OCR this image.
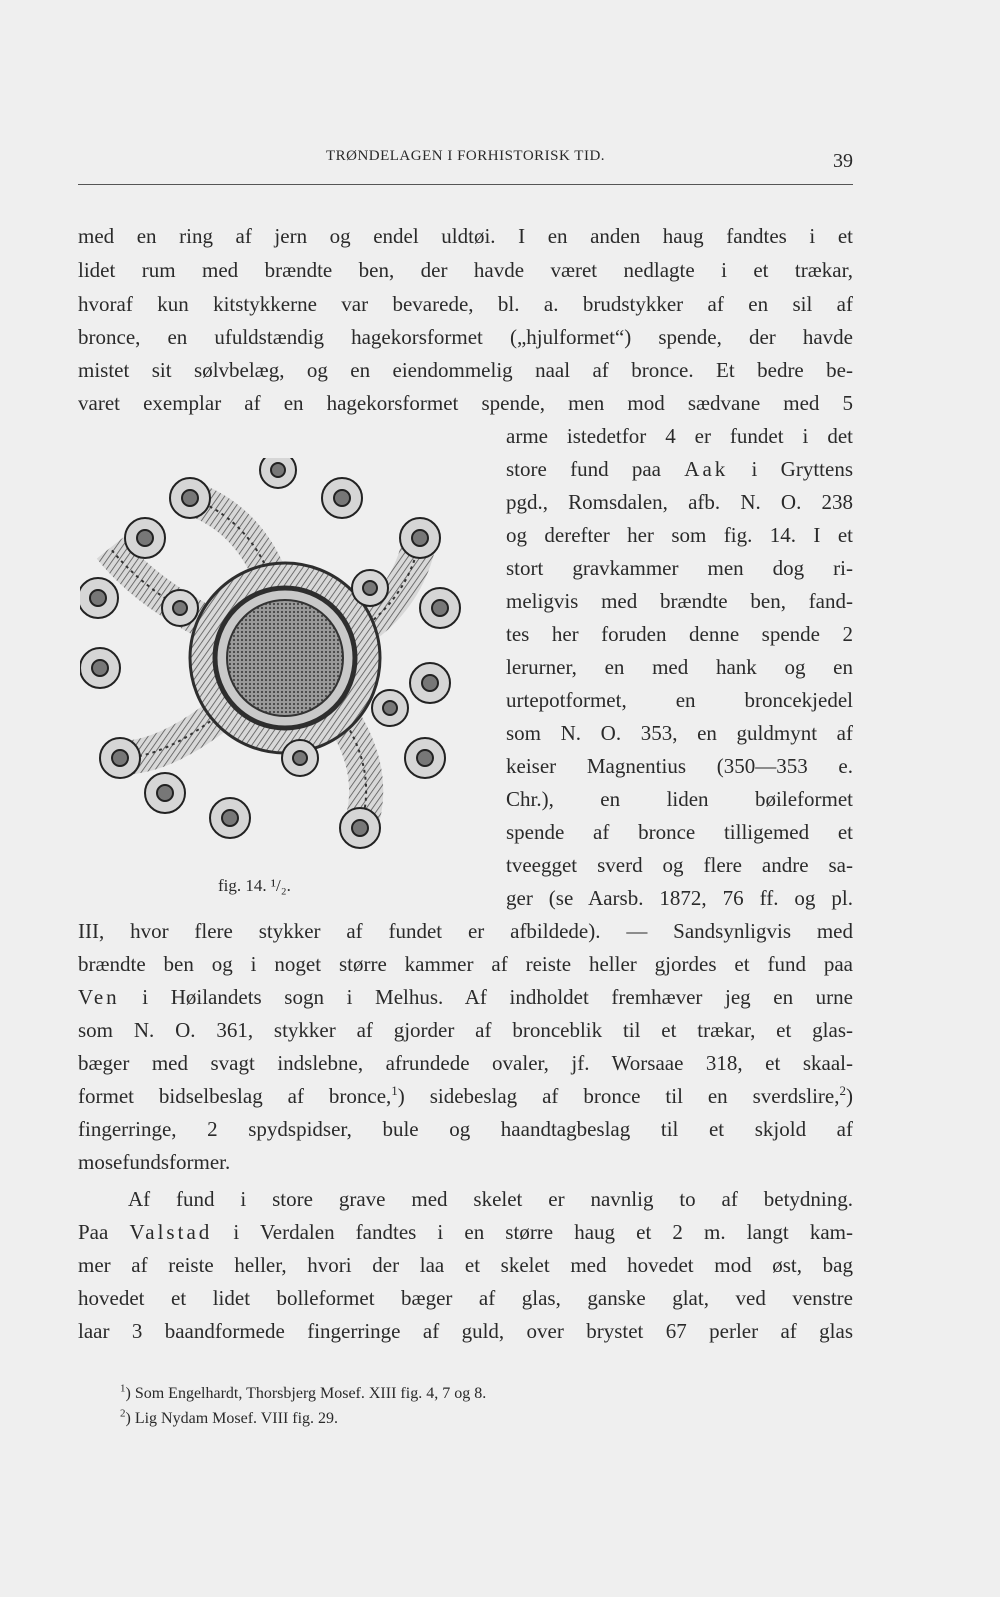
TRØNDELAGEN I FORHISTORISK TID.	39
med en ring af jern og endel uldtøi. I en anden haug fandtes i et
lidet rum med brændte ben, der havde været nedlagte i et trækar,
hvoraf kun kitstykkerne var bevarede, bl. a. brudstykker af en sil af
bronce, en ufuldstændig hagekorsformet („hjulformet“) spende, der havde
mistet sit sølvbelæg, og en eiendommelig naal af bronce. Et bedre be-
varet exemplar af en hagekorsformet spende, men mod sædvane med 5
arme istedetfor 4 er fundet i det
store fund paa Aak i Gryttens
pgd., Romsdalen, afb. N. O. 238
og derefter her som fig. 14. I et
stort gravkammer men dog ri-
meligvis med brændte ben, fand-
tes her foruden denne spende 2
lerurner, en med hank og en
urtepotformet, en broncekjedel
som N. O. 353, en guldmynt af
keiser Magnentius (350—353 e.
Chr.), en liden bøileformet
spende af bronce tilligemed et
tveegget sverd og flere andre sa-
ger (se Aarsb. 1872, 76 ff. og pl.
fig. 14. ¹/₂.
III, hvor flere stykker af fundet er afbildede). — Sandsynligvis med
brændte ben og i noget større kammer af reiste heller gjordes et fund paa
Ven i Høilandets sogn i Melhus. Af indholdet fremhæver jeg en urne
som N. O. 361, stykker af gjorder af bronceblik til et trækar, et glas-
bæger med svagt indslebne, afrundede ovaler, jf. Worsaae 318, et skaal-
formet bidselbeslag af bronce,$^1$) sidebeslag af bronce til en sverdslire,$^2$)
fingerringe, 2 spydspidser, bule og haandtagbeslag til et skjold af
mosefundsformer.
Af fund i store grave med skelet er navnlig to af betydning.
Paa Valstad i Verdalen fandtes i en større haug et 2 m. langt kam-
mer af reiste heller, hvori der laa et skelet med hovedet mod øst, bag
hovedet et lidet bolleformet bæger af glas, ganske glat, ved venstre
laar 3 baandformede fingerringe af guld, over brystet 67 perler af glas
$^1$) Som Engelhardt, Thorsbjerg Mosef. XIII fig. 4, 7 og 8.
$^2$) Lig Nydam Mosef. VIII fig. 29.
